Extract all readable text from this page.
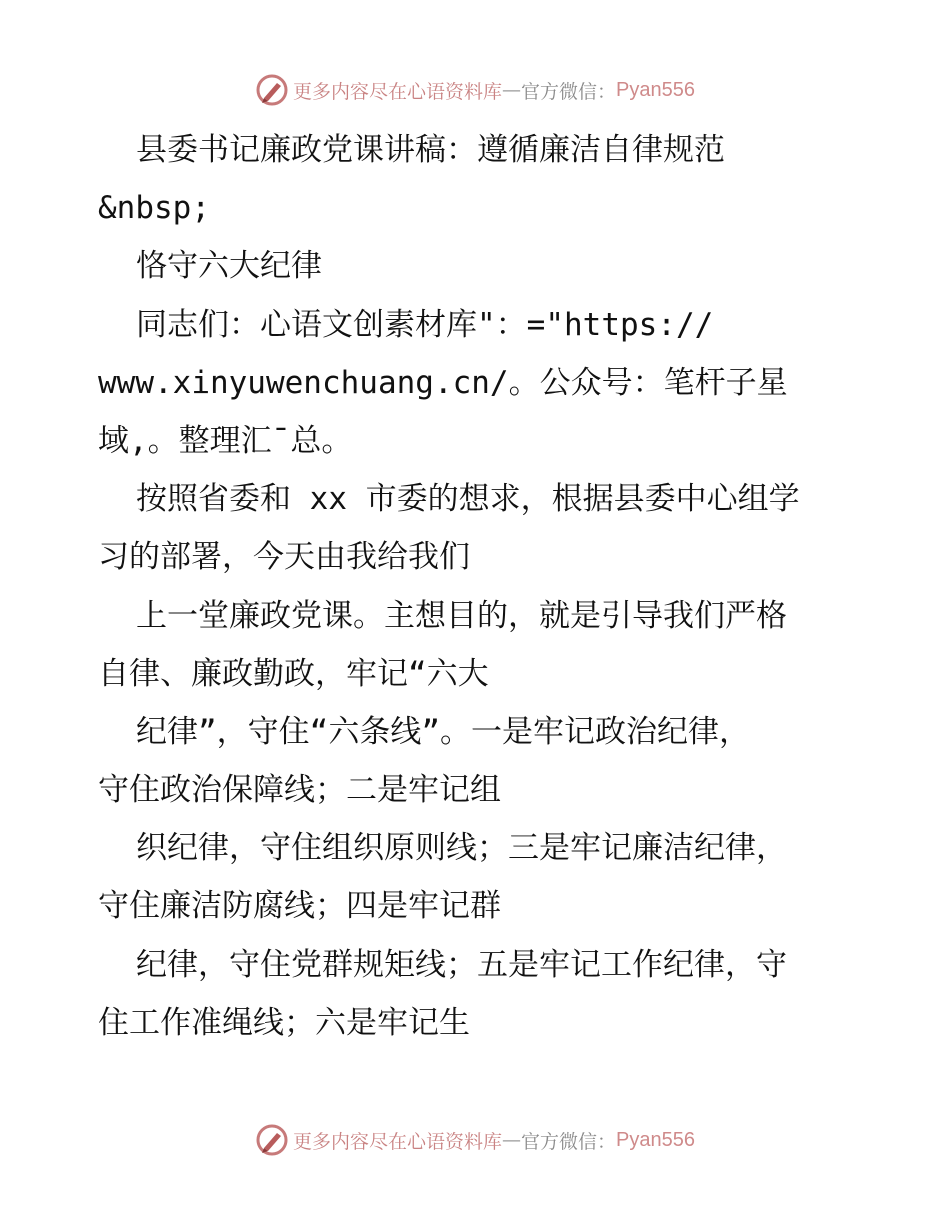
更多内容尽在心语资料库 — 官方微信： Pyan556
县委书记廉政党课讲稿：遵循廉洁自律规范
&nbsp;
恪守六大纪律
同志们：心语文创素材库"：="https://
www.xinyuwenchuang.cn/。公众号：笔杆子星
域,。整理汇¯总。
按照省委和 xx 市委的想求，根据县委中心组学
习的部署，今天由我给我们
上一堂廉政党课。主想目的，就是引导我们严格
自律、廉政勤政，牢记“六大
纪律”，守住“六条线”。一是牢记政治纪律，
守住政治保障线；二是牢记组
织纪律，守住组织原则线；三是牢记廉洁纪律，
守住廉洁防腐线；四是牢记群
纪律，守住党群规矩线；五是牢记工作纪律，守
住工作准绳线；六是牢记生
更多内容尽在心语资料库 — 官方微信： Pyan556
